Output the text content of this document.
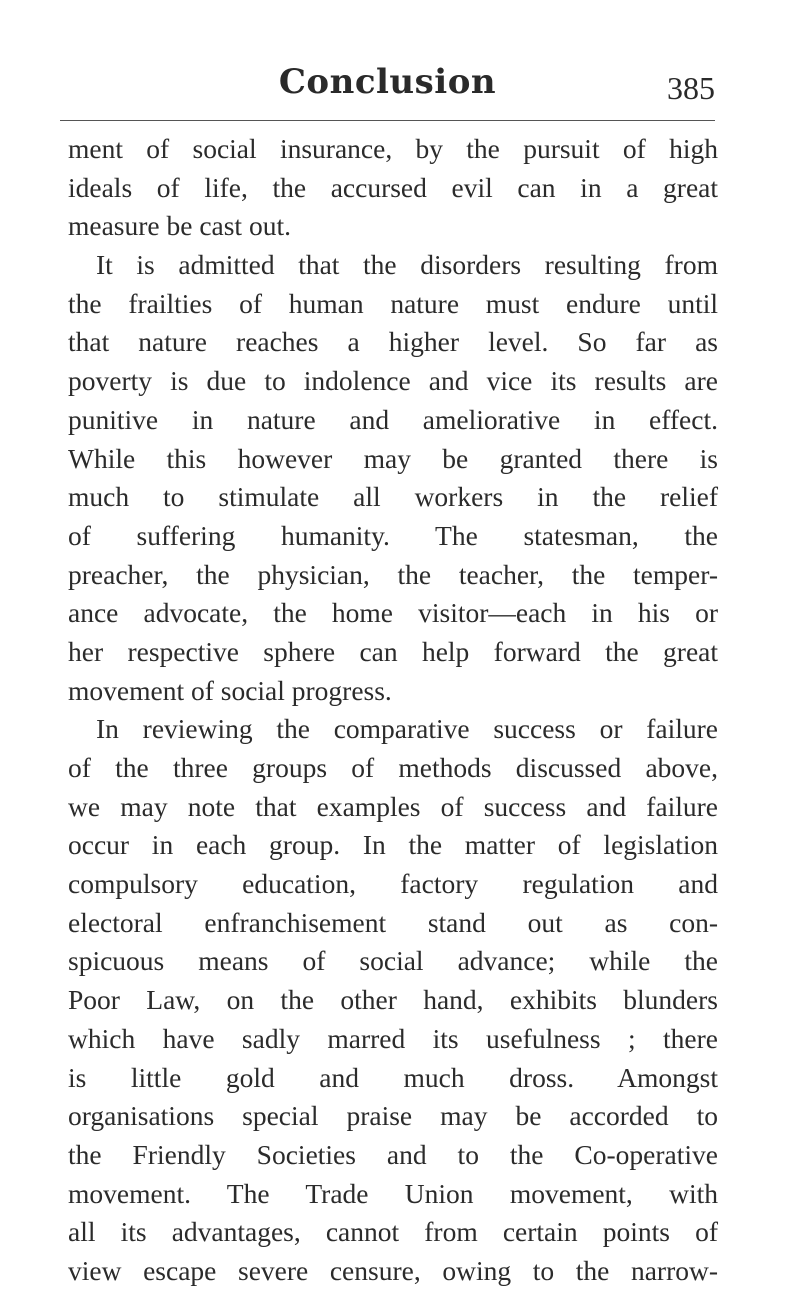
Conclusion	385
ment of social insurance, by the pursuit of high
ideals of life, the accursed evil can in a great
measure be cast out.
It is admitted that the disorders resulting from
the frailties of human nature must endure until
that nature reaches a higher level. So far as
poverty is due to indolence and vice its results are
punitive in nature and ameliorative in effect.
While this however may be granted there is
much to stimulate all workers in the relief
of suffering humanity. The statesman, the
preacher, the physician, the teacher, the temper-
ance advocate, the home visitor—each in his or
her respective sphere can help forward the great
movement of social progress.
In reviewing the comparative success or failure
of the three groups of methods discussed above,
we may note that examples of success and failure
occur in each group. In the matter of legislation
compulsory education, factory regulation and
electoral enfranchisement stand out as con-
spicuous means of social advance; while the
Poor Law, on the other hand, exhibits blunders
which have sadly marred its usefulness ; there
is little gold and much dross. Amongst
organisations special praise may be accorded to
the Friendly Societies and to the Co-operative
movement. The Trade Union movement, with
all its advantages, cannot from certain points of
view escape severe censure, owing to the narrow-
